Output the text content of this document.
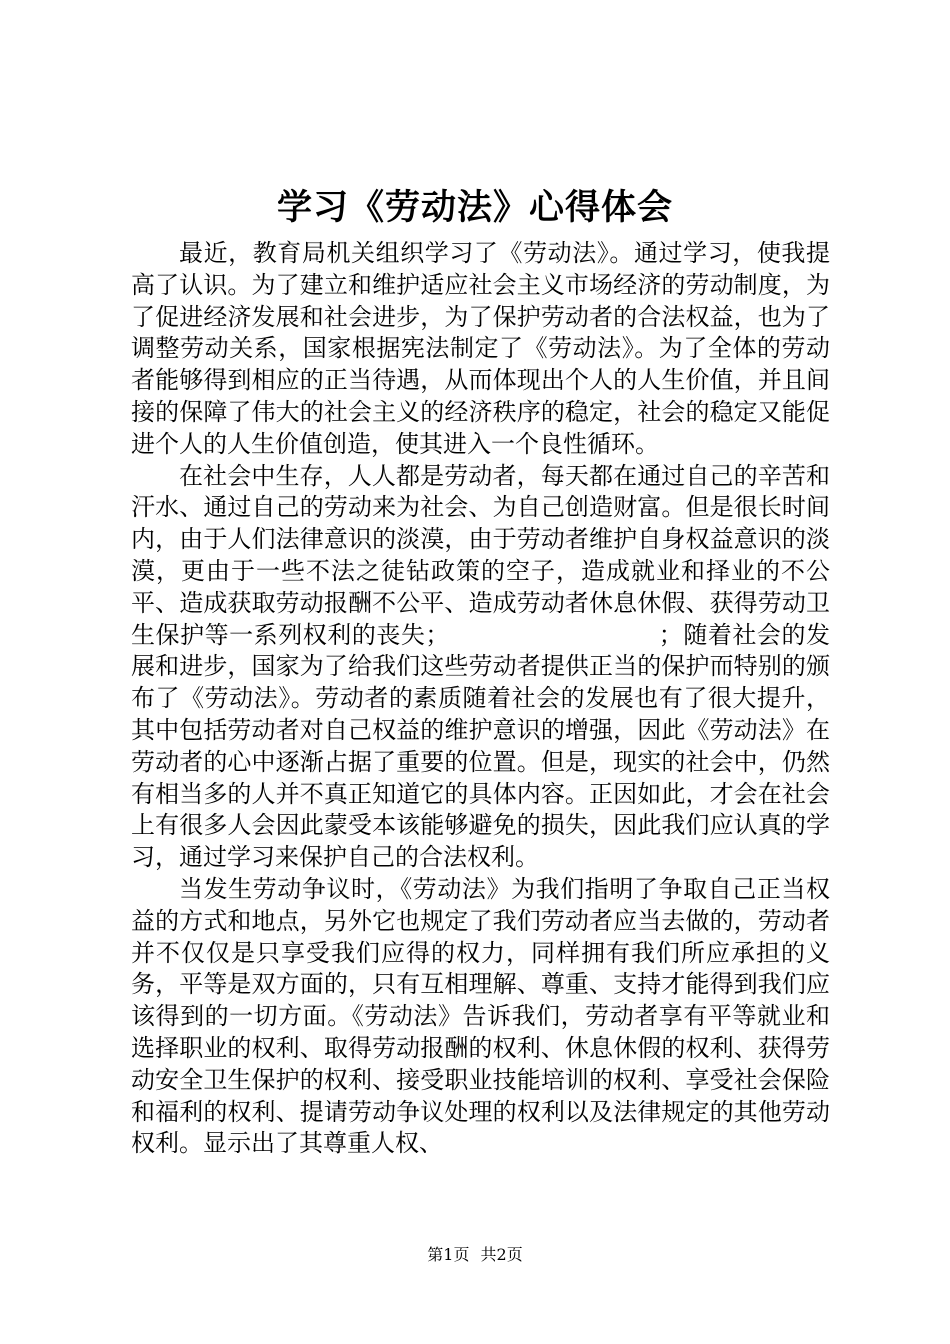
学习《劳动法》心得体会

最近，教育局机关组织学习了《劳动法》。通过学习，使我提高了认识。为了建立和维护适应社会主义市场经济的劳动制度，为了促进经济发展和社会进步，为了保护劳动者的合法权益，也为了调整劳动关系，国家根据宪法制定了《劳动法》。为了全体的劳动者能够得到相应的正当待遇，从而体现出个人的人生价值，并且间接的保障了伟大的社会主义的经济秩序的稳定，社会的稳定又能促进个人的人生价值创造，使其进入一个良性循环。

在社会中生存，人人都是劳动者，每天都在通过自己的辛苦和汗水、通过自己的劳动来为社会、为自己创造财富。但是很长时间内，由于人们法律意识的淡漠，由于劳动者维护自身权益意识的淡漠，更由于一些不法之徒钻政策的空子，造成就业和择业的不公平、造成获取劳动报酬不公平、造成劳动者休息休假、获得劳动卫生保护等一系列权利的丧失；　　　　　　　　　；随着社会的发展和进步，国家为了给我们这些劳动者提供正当的保护而特别的颁布了《劳动法》。劳动者的素质随着社会的发展也有了很大提升，其中包括劳动者对自己权益的维护意识的增强，因此《劳动法》在劳动者的心中逐渐占据了重要的位置。但是，现实的社会中，仍然有相当多的人并不真正知道它的具体内容。正因如此，才会在社会上有很多人会因此蒙受本该能够避免的损失，因此我们应认真的学习，通过学习来保护自己的合法权利。

当发生劳动争议时，《劳动法》为我们指明了争取自己正当权益的方式和地点，另外它也规定了我们劳动者应当去做的，劳动者并不仅仅是只享受我们应得的权力，同样拥有我们所应承担的义务，平等是双方面的，只有互相理解、尊重、支持才能得到我们应该得到的一切方面。《劳动法》告诉我们，劳动者享有平等就业和选择职业的权利、取得劳动报酬的权利、休息休假的权利、获得劳动安全卫生保护的权利、接受职业技能培训的权利、享受社会保险和福利的权利、提请劳动争议处理的权利以及法律规定的其他劳动权利。显示出了其尊重人权、

第1页 共2页
